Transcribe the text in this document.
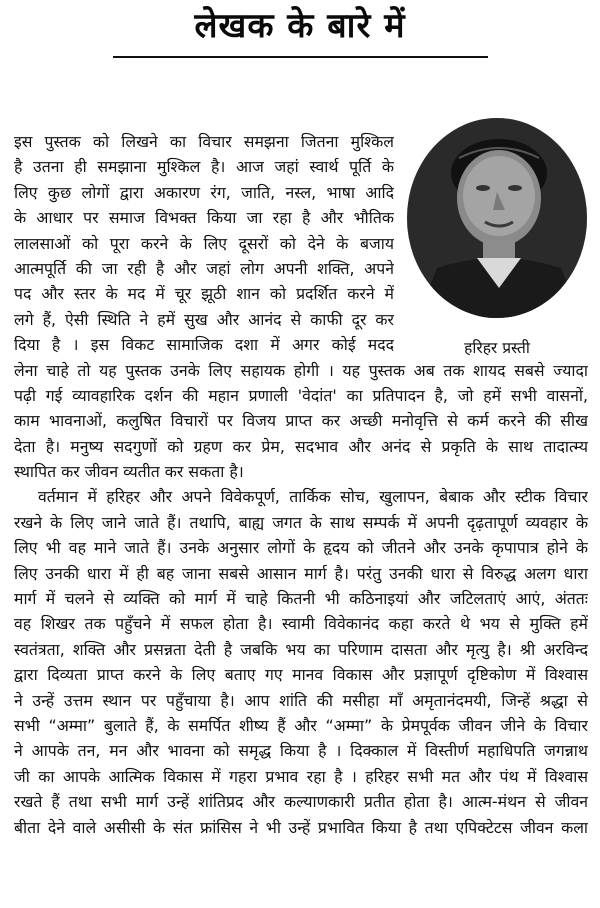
लेखक के बारे में
हरिहर प्रस्ती
इस पुस्तक को लिखने का विचार समझना जितना मुश्किल
है उतना ही समझाना मुश्किल है। आज जहां स्वार्थ पूर्ति के
लिए कुछ लोगों द्वारा अकारण रंग, जाति, नस्ल, भाषा आदि
के आधार पर समाज विभक्त किया जा रहा है और भौतिक
लालसाओं को पूरा करने के लिए दूसरों को देने के बजाय
आत्मपूर्ति की जा रही है और जहां लोग अपनी शक्ति, अपने
पद और स्तर के मद में चूर झूठी शान को प्रदर्शित करने में
लगे हैं, ऐसी स्थिति ने हमें सुख और आनंद से काफी दूर कर
दिया है । इस विकट सामाजिक दशा में अगर कोई मदद
लेना चाहे तो यह पुस्तक उनके लिए सहायक होगी । यह पुस्तक अब तक शायद सबसे ज्यादा
पढ़ी गई व्यावहारिक दर्शन की महान प्रणाली 'वेदांत' का प्रतिपादन है, जो हमें सभी वासनों,
काम भावनाओं, कलुषित विचारों पर विजय प्राप्त कर अच्छी मनोवृत्ति से कर्म करने की सीख
देता है। मनुष्य सदगुणों को ग्रहण कर प्रेम, सदभाव और अनंद से प्रकृति के साथ तादात्म्य
स्थापित कर जीवन व्यतीत कर सकता है।
वर्तमान में हरिहर और अपने विवेकपूर्ण, तार्किक सोच, खुलापन, बेबाक और स्टीक विचार
रखने के लिए जाने जाते हैं। तथापि, बाह्य जगत के साथ सम्पर्क में अपनी दृढ़तापूर्ण व्यवहार के
लिए भी वह माने जाते हैं। उनके अनुसार लोगों के हृदय को जीतने और उनके कृपापात्र होने के
लिए उनकी धारा में ही बह जाना सबसे आसान मार्ग है। परंतु उनकी धारा से विरुद्ध अलग धारा
मार्ग में चलने से व्यक्ति को मार्ग में चाहे कितनी भी कठिनाइयां और जटिलताएं आएं, अंततः
वह शिखर तक पहुँचने में सफल होता है। स्वामी विवेकानंद कहा करते थे भय से मुक्ति हमें
स्वतंत्रता, शक्ति और प्रसन्नता देती है जबकि भय का परिणाम दासता और मृत्यु है। श्री अरविन्द
द्वारा दिव्यता प्राप्त करने के लिए बताए गए मानव विकास और प्रज्ञापूर्ण दृष्टिकोण में विश्वास
ने उन्हें उत्तम स्थान पर पहुँचाया है। आप शांति की मसीहा माँ अमृतानंदमयी, जिन्हें श्रद्धा से
सभी “अम्मा” बुलाते हैं, के समर्पित शीष्य हैं और “अम्मा” के प्रेमपूर्वक जीवन जीने के विचार
ने आपके तन, मन और भावना को समृद्ध किया है । दिक्काल में विस्तीर्ण महाधिपति जगन्नाथ
जी का आपके आत्मिक विकास में गहरा प्रभाव रहा है । हरिहर सभी मत और पंथ में विश्वास
रखते हैं तथा सभी मार्ग उन्हें शांतिप्रद और कल्याणकारी प्रतीत होता है। आत्म-मंथन से जीवन
बीता देने वाले असीसी के संत फ्रांसिस ने भी उन्हें प्रभावित किया है तथा एपिक्टेटस जीवन कला
